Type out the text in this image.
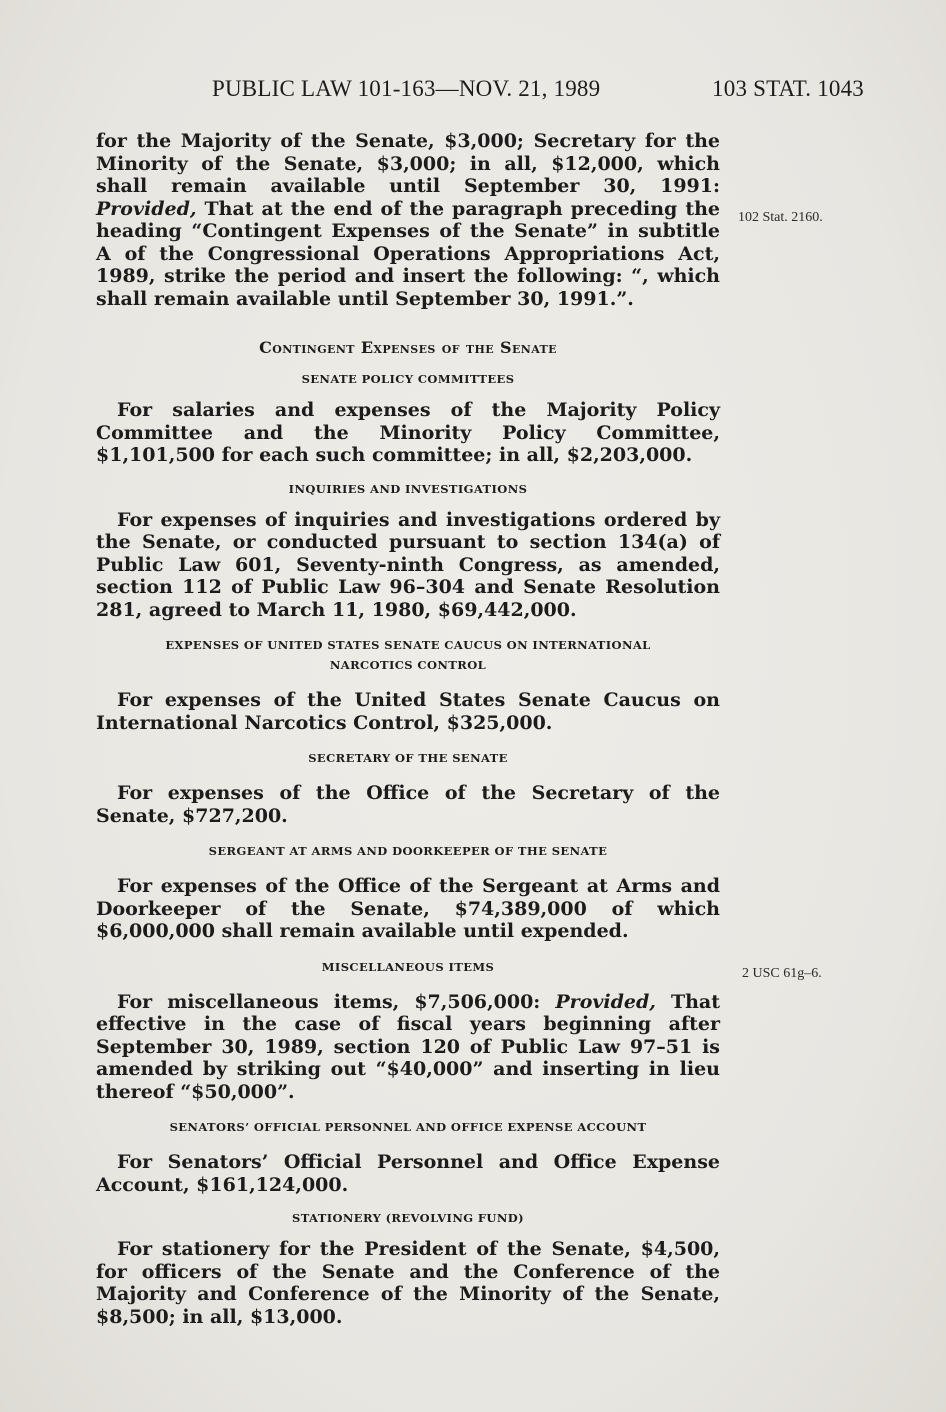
PUBLIC LAW 101-163—NOV. 21, 1989	103 STAT. 1043
102 Stat. 2160.
2 USC 61g–6.

for the Majority of the Senate, $3,000; Secretary for the Minority of the Senate, $3,000; in all, $12,000, which shall remain available until September 30, 1991: Provided, That at the end of the paragraph preceding the heading “Contingent Expenses of the Senate” in subtitle A of the Congressional Operations Appropriations Act, 1989, strike the period and insert the following: “, which shall remain available until September 30, 1991.”.

Contingent Expenses of the Senate
SENATE POLICY COMMITTEES

For salaries and expenses of the Majority Policy Committee and the Minority Policy Committee, $1,101,500 for each such committee; in all, $2,203,000.

INQUIRIES AND INVESTIGATIONS

For expenses of inquiries and investigations ordered by the Senate, or conducted pursuant to section 134(a) of Public Law 601, Seventy-ninth Congress, as amended, section 112 of Public Law 96–304 and Senate Resolution 281, agreed to March 11, 1980, $69,442,000.

EXPENSES OF UNITED STATES SENATE CAUCUS ON INTERNATIONAL
NARCOTICS CONTROL

For expenses of the United States Senate Caucus on International Narcotics Control, $325,000.

SECRETARY OF THE SENATE

For expenses of the Office of the Secretary of the Senate, $727,200.

SERGEANT AT ARMS AND DOORKEEPER OF THE SENATE

For expenses of the Office of the Sergeant at Arms and Doorkeeper of the Senate, $74,389,000 of which $6,000,000 shall remain available until expended.

MISCELLANEOUS ITEMS

For miscellaneous items, $7,506,000: Provided, That effective in the case of fiscal years beginning after September 30, 1989, section 120 of Public Law 97–51 is amended by striking out “$40,000” and inserting in lieu thereof “$50,000”.

SENATORS’ OFFICIAL PERSONNEL AND OFFICE EXPENSE ACCOUNT

For Senators’ Official Personnel and Office Expense Account, $161,124,000.

STATIONERY (REVOLVING FUND)

For stationery for the President of the Senate, $4,500, for officers of the Senate and the Conference of the Majority and Conference of the Minority of the Senate, $8,500; in all, $13,000.
